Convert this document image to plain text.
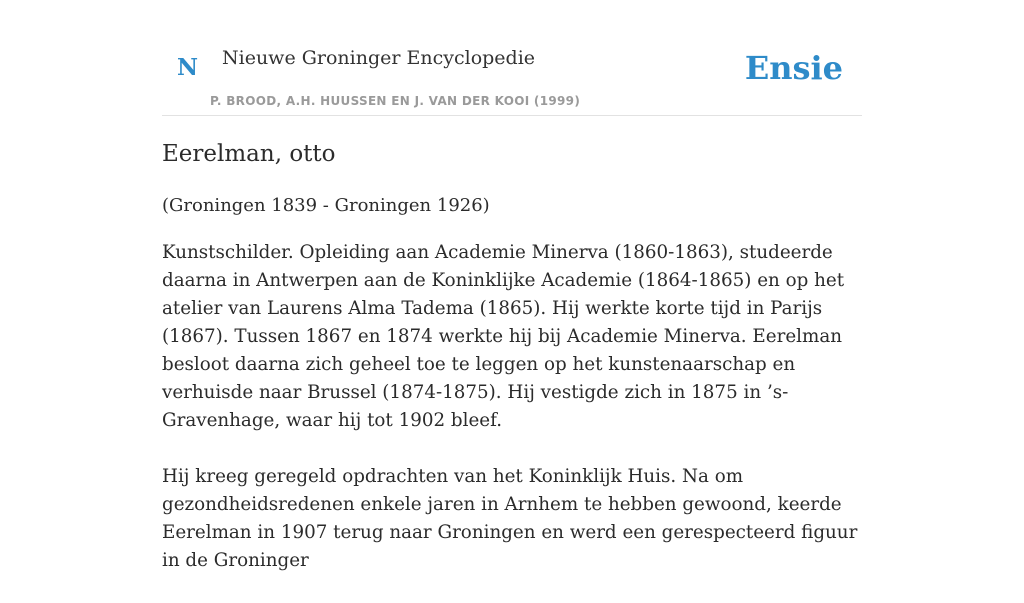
N Nieuwe Groninger Encyclopedie
P. BROOD, A.H. HUUSSEN EN J. VAN DER KOOI (1999)
Ensie
Eerelman, otto
(Groningen 1839 - Groningen 1926)

Kunstschilder. Opleiding aan Academie Minerva (1860-1863), studeerde daarna in Antwerpen aan de Koninklijke Academie (1864-1865) en op het atelier van Laurens Alma Tadema (1865). Hij werkte korte tijd in Parijs (1867). Tussen 1867 en 1874 werkte hij bij Academie Minerva. Eerelman besloot daarna zich geheel toe te leggen op het kunstenaarschap en verhuisde naar Brussel (1874-1875). Hij vestigde zich in 1875 in ’s-Gravenhage, waar hij tot 1902 bleef.

Hij kreeg geregeld opdrachten van het Koninklijk Huis. Na om gezondheidsredenen enkele jaren in Arnhem te hebben gewoond, keerde Eerelman in 1907 terug naar Groningen en werd een gerespecteerd figuur in de Groninger
